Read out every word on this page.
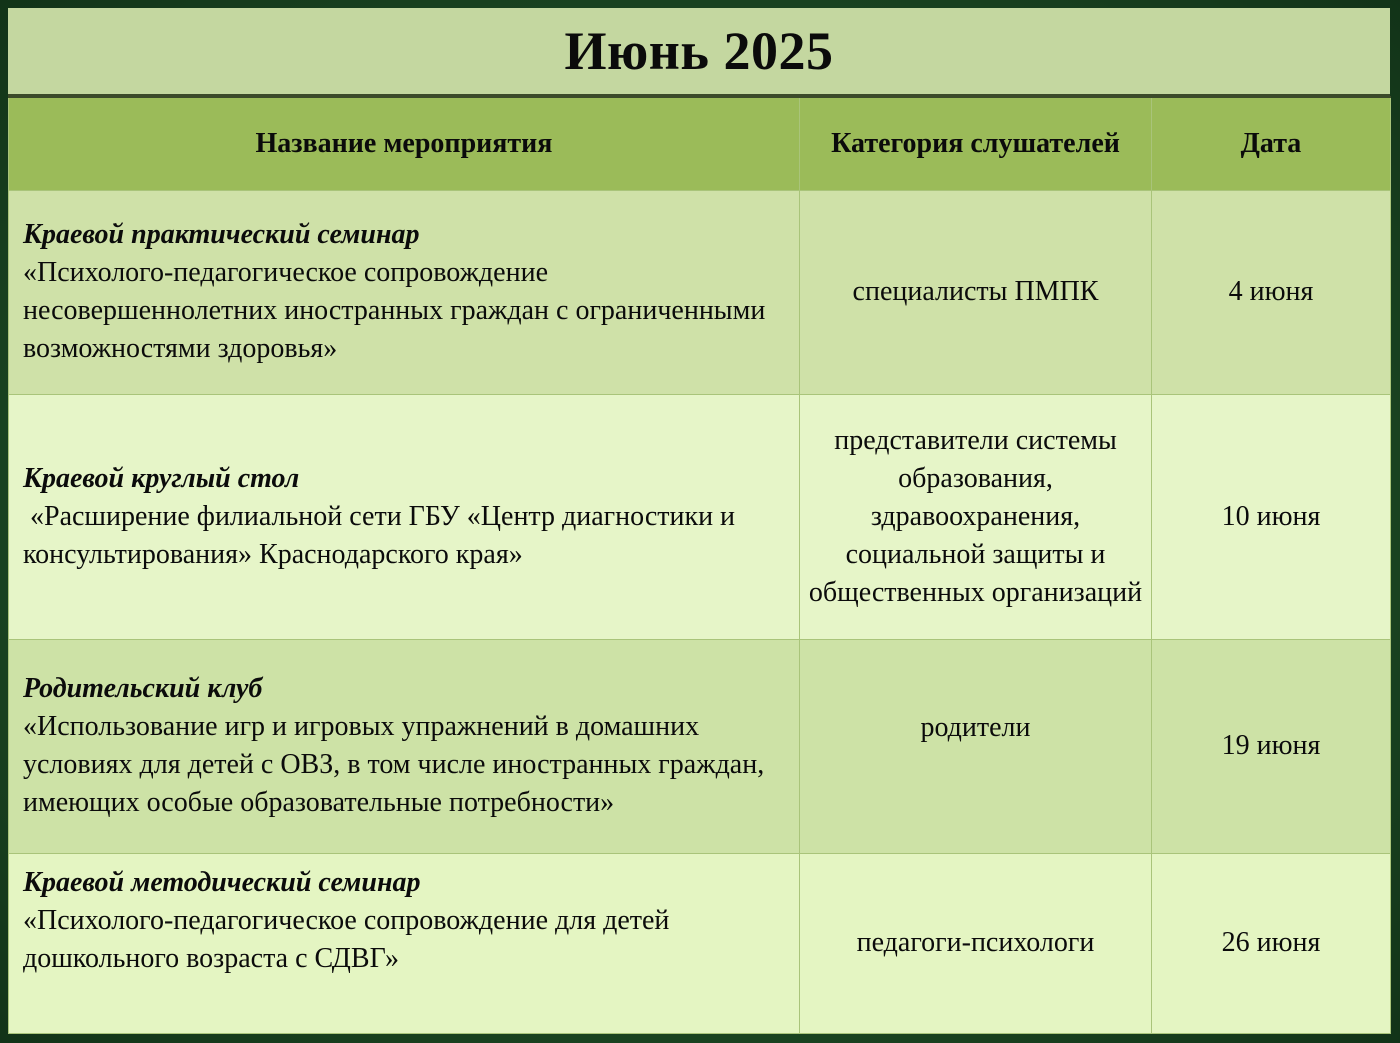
Июнь 2025
Название мероприятия	Категория слушателей	Дата

Краевой практический семинар
«Психолого-педагогическое сопровождение несовершеннолетних иностранных граждан с ограниченными возможностями здоровья»	специалисты ПМПК	4 июня

Краевой круглый стол
«Расширение филиальной сети ГБУ «Центр диагностики и консультирования» Краснодарского края»	представители системы образования, здравоохранения, социальной защиты и общественных организаций	10 июня

Родительский клуб
«Использование игр и игровых упражнений в домашних условиях для детей с ОВЗ, в том числе иностранных граждан, имеющих особые образовательные потребности»	родители	19 июня

Краевой методический семинар
«Психолого-педагогическое сопровождение для детей дошкольного возраста с СДВГ»	педагоги-психологи	26 июня
